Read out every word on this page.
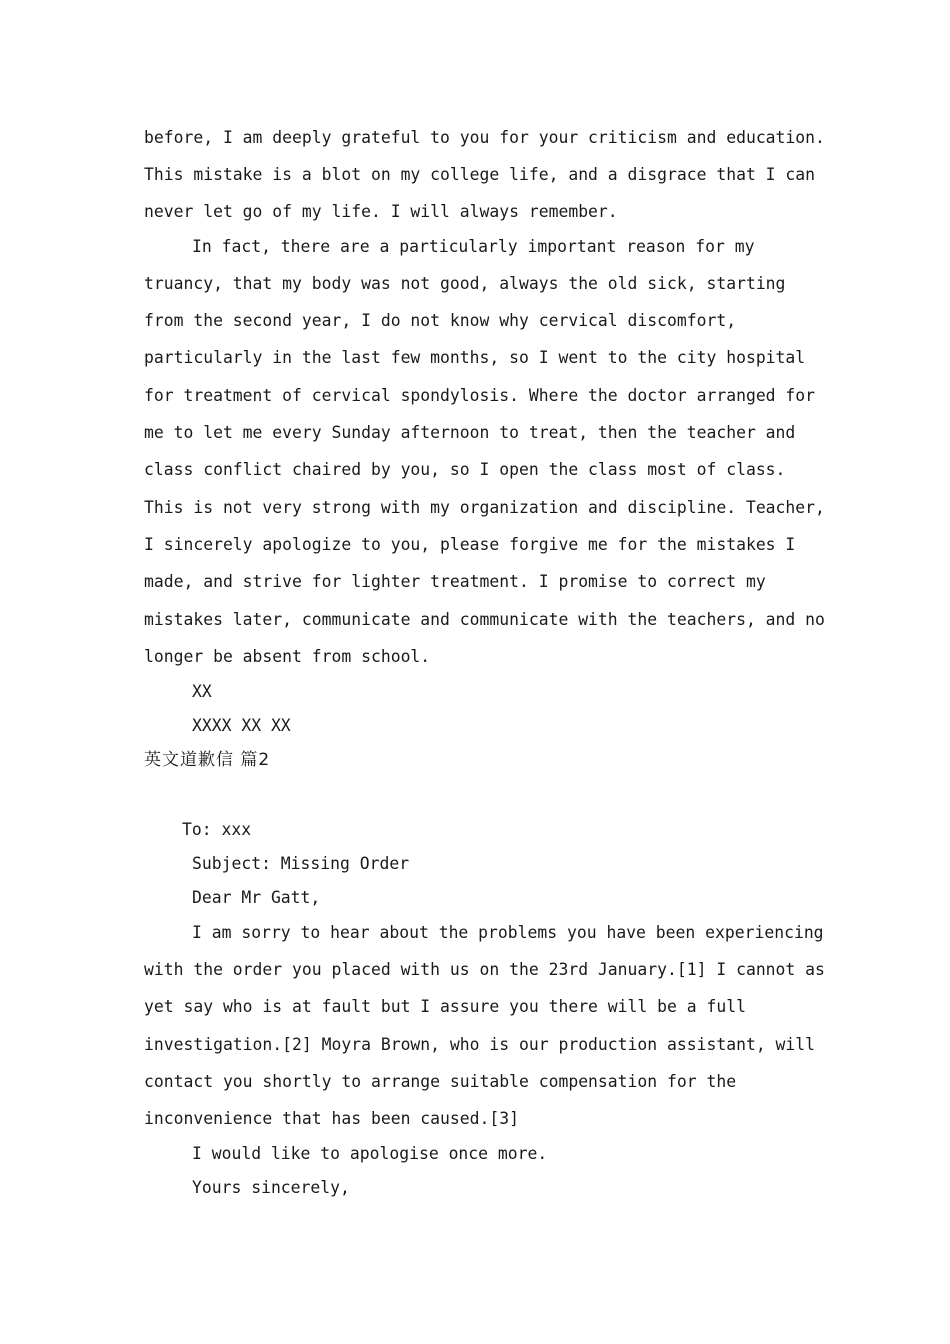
before, I am deeply grateful to you for your criticism and education.
This mistake is a blot on my college life, and a disgrace that I can
never let go of my life. I will always remember.
In fact, there are a particularly important reason for my
truancy, that my body was not good, always the old sick, starting
from the second year, I do not know why cervical discomfort,
particularly in the last few months, so I went to the city hospital
for treatment of cervical spondylosis. Where the doctor arranged for
me to let me every Sunday afternoon to treat, then the teacher and
class conflict chaired by you, so I open the class most of class.
This is not very strong with my organization and discipline. Teacher,
I sincerely apologize to you, please forgive me for the mistakes I
made, and strive for lighter treatment. I promise to correct my
mistakes later, communicate and communicate with the teachers, and no
longer be absent from school.
XX
XXXX XX XX
英文道歉信 篇2
To: xxx
Subject: Missing Order
Dear Mr Gatt,
I am sorry to hear about the problems you have been experiencing
with the order you placed with us on the 23rd January.[1] I cannot as
yet say who is at fault but I assure you there will be a full
investigation.[2] Moyra Brown, who is our production assistant, will
contact you shortly to arrange suitable compensation for the
inconvenience that has been caused.[3]
I would like to apologise once more.
Yours sincerely,
